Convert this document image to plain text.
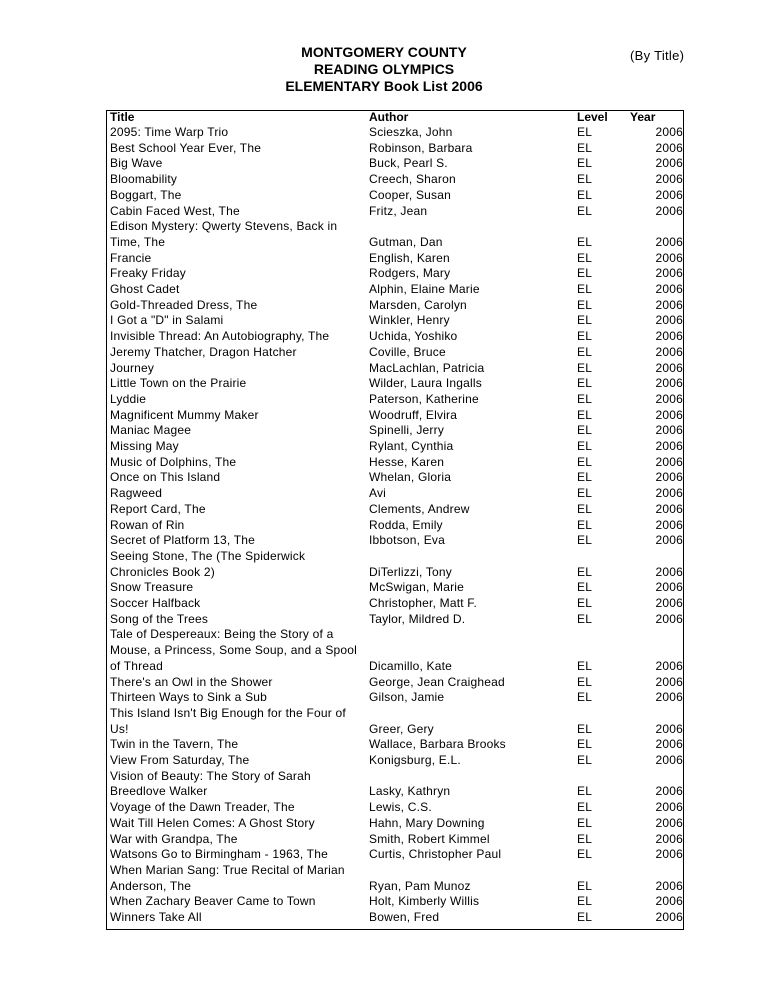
MONTGOMERY COUNTY
READING OLYMPICS
ELEMENTARY Book List 2006
(By Title)
Title	Author	Level Year
2095: Time Warp Trio	Scieszka, John	EL	2006
Best School Year Ever, The	Robinson, Barbara	EL	2006
Big Wave	Buck, Pearl S.	EL	2006
Bloomability	Creech, Sharon	EL	2006
Boggart, The	Cooper, Susan	EL	2006
Cabin Faced West, The	Fritz, Jean	EL	2006
Edison Mystery: Qwerty Stevens, Back in
Time, The	Gutman, Dan	EL	2006
Francie	English, Karen	EL	2006
Freaky Friday	Rodgers, Mary	EL	2006
Ghost Cadet	Alphin, Elaine Marie	EL	2006
Gold-Threaded Dress, The	Marsden, Carolyn	EL	2006
I Got a "D" in Salami	Winkler, Henry	EL	2006
Invisible Thread: An Autobiography, The	Uchida, Yoshiko	EL	2006
Jeremy Thatcher, Dragon Hatcher	Coville, Bruce	EL	2006
Journey	MacLachlan, Patricia	EL	2006
Little Town on the Prairie	Wilder, Laura Ingalls	EL	2006
Lyddie	Paterson, Katherine	EL	2006
Magnificent Mummy Maker	Woodruff, Elvira	EL	2006
Maniac Magee	Spinelli, Jerry	EL	2006
Missing May	Rylant, Cynthia	EL	2006
Music of Dolphins, The	Hesse, Karen	EL	2006
Once on This Island	Whelan, Gloria	EL	2006
Ragweed	Avi	EL	2006
Report Card, The	Clements, Andrew	EL	2006
Rowan of Rin	Rodda, Emily	EL	2006
Secret of Platform 13, The	Ibbotson, Eva	EL	2006
Seeing Stone, The (The Spiderwick
Chronicles Book 2)	DiTerlizzi, Tony	EL	2006
Snow Treasure	McSwigan, Marie	EL	2006
Soccer Halfback	Christopher, Matt F.	EL	2006
Song of the Trees	Taylor, Mildred D.	EL	2006
Tale of Despereaux: Being the Story of a
Mouse, a Princess, Some Soup, and a Spool
of Thread	Dicamillo, Kate	EL	2006
There's an Owl in the Shower	George, Jean Craighead	EL	2006
Thirteen Ways to Sink a Sub	Gilson, Jamie	EL	2006
This Island Isn't Big Enough for the Four of
Us!	Greer, Gery	EL	2006
Twin in the Tavern, The	Wallace, Barbara Brooks	EL	2006
View From Saturday, The	Konigsburg, E.L.	EL	2006
Vision of Beauty: The Story of Sarah
Breedlove Walker	Lasky, Kathryn	EL	2006
Voyage of the Dawn Treader, The	Lewis, C.S.	EL	2006
Wait Till Helen Comes: A Ghost Story	Hahn, Mary Downing	EL	2006
War with Grandpa, The	Smith, Robert Kimmel	EL	2006
Watsons Go to Birmingham - 1963, The	Curtis, Christopher Paul	EL	2006
When Marian Sang: True Recital of Marian
Anderson, The	Ryan, Pam Munoz	EL	2006
When Zachary Beaver Came to Town	Holt, Kimberly Willis	EL	2006
Winners Take All	Bowen, Fred	EL	2006
